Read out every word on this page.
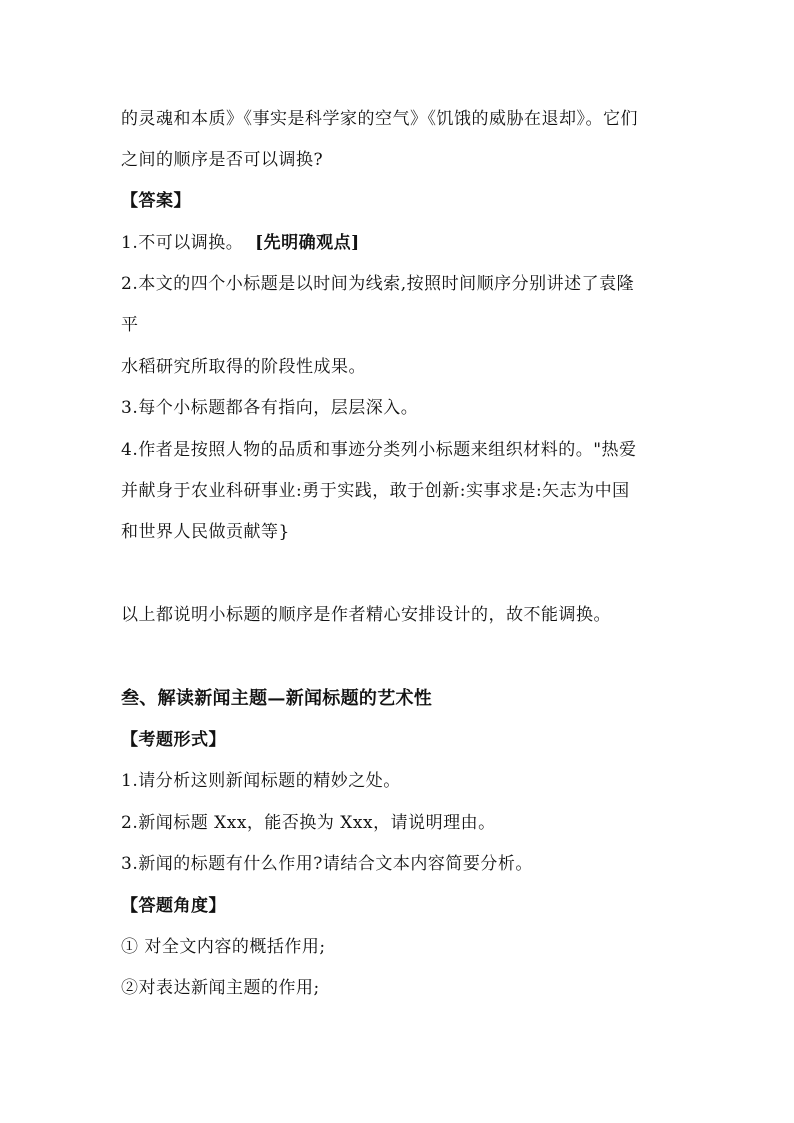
的灵魂和本质》《事实是科学家的空气》《饥饿的威胁在退却》。它们
之间的顺序是否可以调换?
【答案】
1.不可以调换。 [先明确观点]
2.本文的四个小标题是以时间为线索,按照时间顺序分别讲述了袁隆
平
水稻研究所取得的阶段性成果。
3.每个小标题都各有指向，层层深入。
4.作者是按照人物的品质和事迹分类列小标题来组织材料的。"热爱
并献身于农业科研事业:勇于实践，敢于创新:实事求是:矢志为中国
和世界人民做贡献等}
以上都说明小标题的顺序是作者精心安排设计的，故不能调换。
叁、解读新闻主题—新闻标题的艺术性
【考题形式】
1.请分析这则新闻标题的精妙之处。
2.新闻标题 Xxx，能否换为 Xxx，请说明理由。
3.新闻的标题有什么作用?请结合文本内容简要分析。
【答题角度】
① 对全文内容的概括作用;
②对表达新闻主题的作用;
